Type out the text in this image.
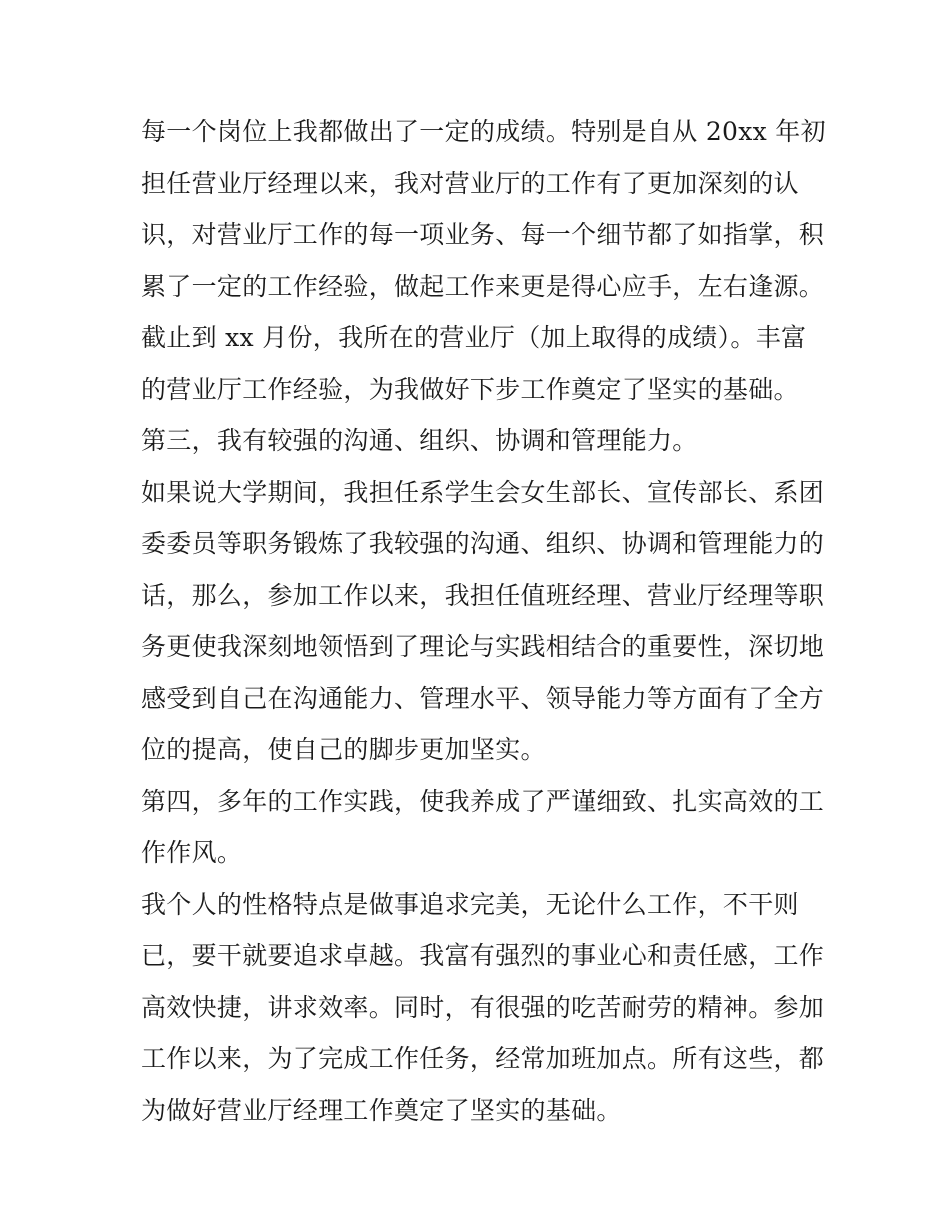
每一个岗位上我都做出了一定的成绩。特别是自从 20xx 年初
担任营业厅经理以来，我对营业厅的工作有了更加深刻的认
识，对营业厅工作的每一项业务、每一个细节都了如指掌，积
累了一定的工作经验，做起工作来更是得心应手，左右逢源。
截止到 xx 月份，我所在的营业厅（加上取得的成绩）。丰富
的营业厅工作经验，为我做好下步工作奠定了坚实的基础。
第三，我有较强的沟通、组织、协调和管理能力。
如果说大学期间，我担任系学生会女生部长、宣传部长、系团
委委员等职务锻炼了我较强的沟通、组织、协调和管理能力的
话，那么，参加工作以来，我担任值班经理、营业厅经理等职
务更使我深刻地领悟到了理论与实践相结合的重要性，深切地
感受到自己在沟通能力、管理水平、领导能力等方面有了全方
位的提高，使自己的脚步更加坚实。
第四，多年的工作实践，使我养成了严谨细致、扎实高效的工
作作风。
我个人的性格特点是做事追求完美，无论什么工作，不干则
已，要干就要追求卓越。我富有强烈的事业心和责任感，工作
高效快捷，讲求效率。同时，有很强的吃苦耐劳的精神。参加
工作以来，为了完成工作任务，经常加班加点。所有这些，都
为做好营业厅经理工作奠定了坚实的基础。
